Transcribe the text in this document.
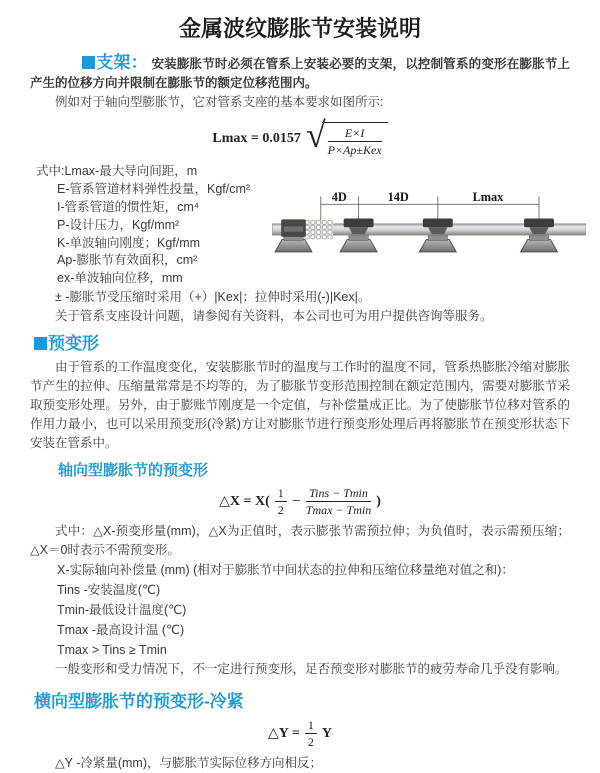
金属波纹膨胀节安装说明

支架： 安装膨胀节时必须在管系上安装必要的支架，以控制管系的变形在膨胀节上产生的位移方向并限制在膨胀节的额定位移范围内。

例如对于轴向型膨胀节，它对管系支座的基本要求如图所示:

Lmax = 0.0157 √ $\frac{E\times I}{\text{P×Ap±Kex}}$
式中:Lmax-最大导向间距，m
E-管系管道材料弹性投量，Kgf/cm²
I-管系管道的惯性矩，cm⁴
P-设计压力，Kgf/mm²
K-单波轴向刚度；Kgf/mm
Ap-膨胀节有效面积，cm²
ex-单波轴向位移，mm
4D	14D	Lmax

± -膨胀节受压缩时采用（+）|Kex|；拉伸时采用(-)|Kex|。

关于管系支座设计问题，请参阅有关资料，本公司也可为用户提供咨询等服务。

预变形

由于管系的工作温度变化，安装膨胀节时的温度与工作时的温度不同，管系热膨胀冷缩对膨胀节产生的拉伸、压缩量常常是不均等的，为了膨胀节变形范围控制在额定范围内，需要对膨胀节采取预变形处理。另外，由于膨账节刚度是一个定值，与补偿量成正比。为了使膨胀节位移对管系的作用力最小，也可以采用预变形(冷紧)方让对膨胀节进行预变形处理后再将膨胀节在预变形状态下安装在管系中。

轴向型膨胀节的预变形
△X = $X( \frac{1}{2} - \frac{\text{Tins − Tmin}}{Tmax - Tmin}$ )

式中：△X-预变形量(mm)，△X为正值时，表示膨张节需预拉伸；为负值时，表示需预压缩；△X＝0时表示不需预变形。

X-实际轴向补偿量 (mm) (相对于膨胀节中间状态的拉伸和压缩位移量绝对值之和)：
Tins -安装温度(℃)
Tmin-最低设计温度(℃)
Tmax -最高设计温 (℃)
Tmax > Tins ≥ Tmin

一般变形和受力情况下，不一定进行预变形，足否预变形对膨胀节的疲劳寿命几乎没有影响。

横向型膨胀节的预变形-冷紧
△Y = $\frac{1}{2}$ Y

△Y -冷紧量(mm)，与膨胀节实际位移方向相反；
